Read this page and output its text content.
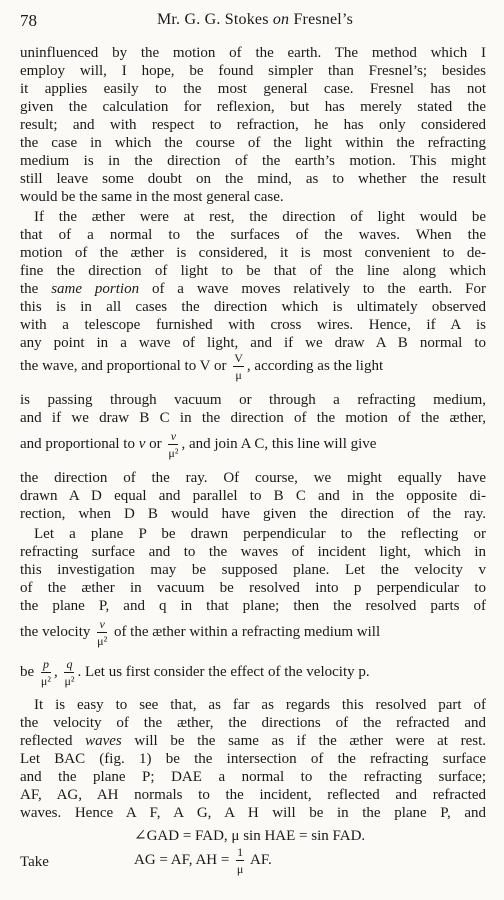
78	Mr. G. G. Stokes on Fresnel’s
uninfluenced by the motion of the earth. The method which I
employ will, I hope, be found simpler than Fresnel’s; besides
it applies easily to the most general case. Fresnel has not
given the calculation for reflexion, but has merely stated the
result; and with respect to refraction, he has only considered
the case in which the course of the light within the refracting
medium is in the direction of the earth’s motion. This might
still leave some doubt on the mind, as to whether the result
would be the same in the most general case.
If the æther were at rest, the direction of light would be
that of a normal to the surfaces of the waves. When the
motion of the æther is considered, it is most convenient to de-
fine the direction of light to be that of the line along which
the same portion of a wave moves relatively to the earth. For
this is in all cases the direction which is ultimately observed
with a telescope furnished with cross wires. Hence, if A is
any point in a wave of light, and if we draw A B normal to
the wave, and proportional to V or $\frac{V}{\mu}$ , according as the light
is passing through vacuum or through a refracting medium,
and if we draw B C in the direction of the motion of the æther,
and proportional to v or $\frac{v}{\text{μ²}}$ , and join A C, this line will give
the direction of the ray. Of course, we might equally have
drawn A D equal and parallel to B C and in the opposite di-
rection, when D B would have given the direction of the ray.
Let a plane P be drawn perpendicular to the reflecting or
refracting surface and to the waves of incident light, which in
this investigation may be supposed plane. Let the velocity v
of the æther in vacuum be resolved into p perpendicular to
the plane P, and q in that plane; then the resolved parts of
the velocity $\frac{v}{\text{μ²}}$ of the æther within a refracting medium will
be $\frac{p}{\text{μ²}}$ , $\frac{q}{\text{μ²}}$ . Let us first consider the effect of the velocity p.
It is easy to see that, as far as regards this resolved part of
the velocity of the æther, the directions of the refracted and
reflected waves will be the same as if the æther were at rest.
Let BAC (fig. 1) be the intersection of the refracting surface
and the plane P; DAE a normal to the refracting surface;
AF, AG, AH normals to the incident, reflected and refracted
waves. Hence A F, A G, A H will be in the plane P, and
∠GAD = FAD, μ sin HAE = sin FAD.
Take	AG = AF, AH = $\frac{1}{\mu}$ AF.
